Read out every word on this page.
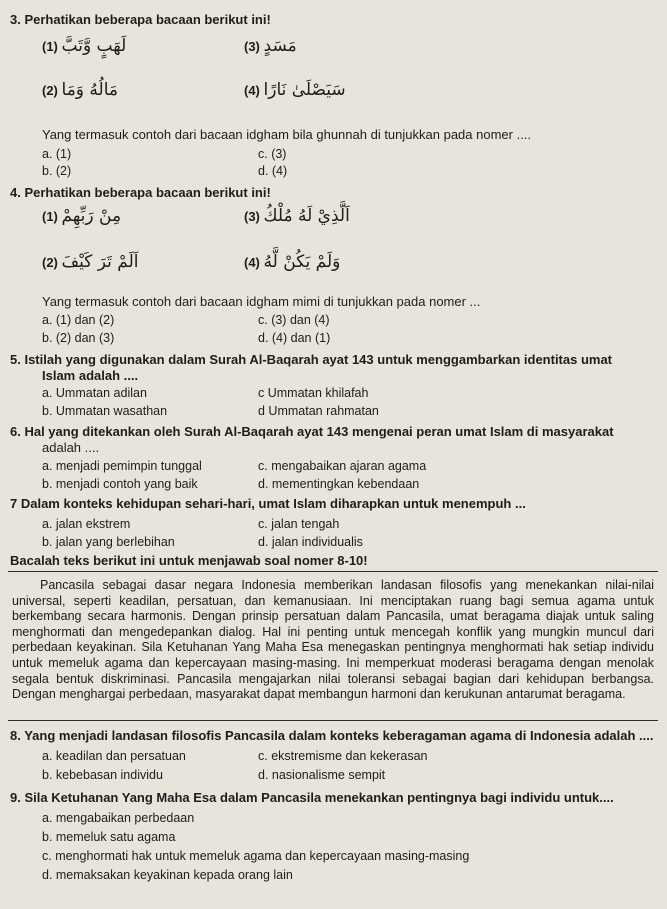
3. Perhatikan beberapa bacaan berikut ini!
(1) لَهَبٍ وَّتَبَّ	(3) مَسَدٍ
(2) مَالُهُ وَمَا	(4) سَيَصْلَىٰ نَارًا
Yang termasuk contoh dari bacaan idgham bila ghunnah di tunjukkan pada nomer ....
a. (1)	c. (3)
b. (2)	d. (4)
4. Perhatikan beberapa bacaan berikut ini!
(1) مِنْ رَبِّهِمْ	(3) اَلَّذِيْ لَهُ مُلْكُ
(2) اَلَمْ تَرَ كَيْفَ	(4) وَلَمْ يَكُنْ لَّهُ
Yang termasuk contoh dari bacaan idgham mimi di tunjukkan pada nomer ...
a. (1) dan (2)	c. (3) dan (4)
b. (2) dan (3)	d. (4) dan (1)
5. Istilah yang digunakan dalam Surah Al-Baqarah ayat 143 untuk menggambarkan identitas umat
Islam adalah ....
a. Ummatan adilan	c Ummatan khilafah
b. Ummatan wasathan	d Ummatan rahmatan
6. Hal yang ditekankan oleh Surah Al-Baqarah ayat 143 mengenai peran umat Islam di masyarakat
adalah ....
a. menjadi pemimpin tunggal	c. mengabaikan ajaran agama
b. menjadi contoh yang baik	d. mementingkan kebendaan
7 Dalam konteks kehidupan sehari-hari, umat Islam diharapkan untuk menempuh ...
a. jalan ekstrem	c. jalan tengah
b. jalan yang berlebihan	d. jalan individualis
Bacalah teks berikut ini untuk menjawab soal nomer 8-10!

Pancasila sebagai dasar negara Indonesia memberikan landasan filosofis yang menekankan nilai-nilai universal, seperti keadilan, persatuan, dan kemanusiaan. Ini menciptakan ruang bagi semua agama untuk berkembang secara harmonis. Dengan prinsip persatuan dalam Pancasila, umat beragama diajak untuk saling menghormati dan mengedepankan dialog. Hal ini penting untuk mencegah konflik yang mungkin muncul dari perbedaan keyakinan. Sila Ketuhanan Yang Maha Esa menegaskan pentingnya menghormati hak setiap individu untuk memeluk agama dan kepercayaan masing-masing. Ini memperkuat moderasi beragama dengan menolak segala bentuk diskriminasi. Pancasila mengajarkan nilai toleransi sebagai bagian dari kehidupan berbangsa. Dengan menghargai perbedaan, masyarakat dapat membangun harmoni dan kerukunan antarumat beragama.

8. Yang menjadi landasan filosofis Pancasila dalam konteks keberagaman agama di Indonesia adalah ....
a. keadilan dan persatuan	c. ekstremisme dan kekerasan
b. kebebasan individu	d. nasionalisme sempit
9. Sila Ketuhanan Yang Maha Esa dalam Pancasila menekankan pentingnya bagi individu untuk....
a. mengabaikan perbedaan
b. memeluk satu agama
c. menghormati hak untuk memeluk agama dan kepercayaan masing-masing
d. memaksakan keyakinan kepada orang lain
